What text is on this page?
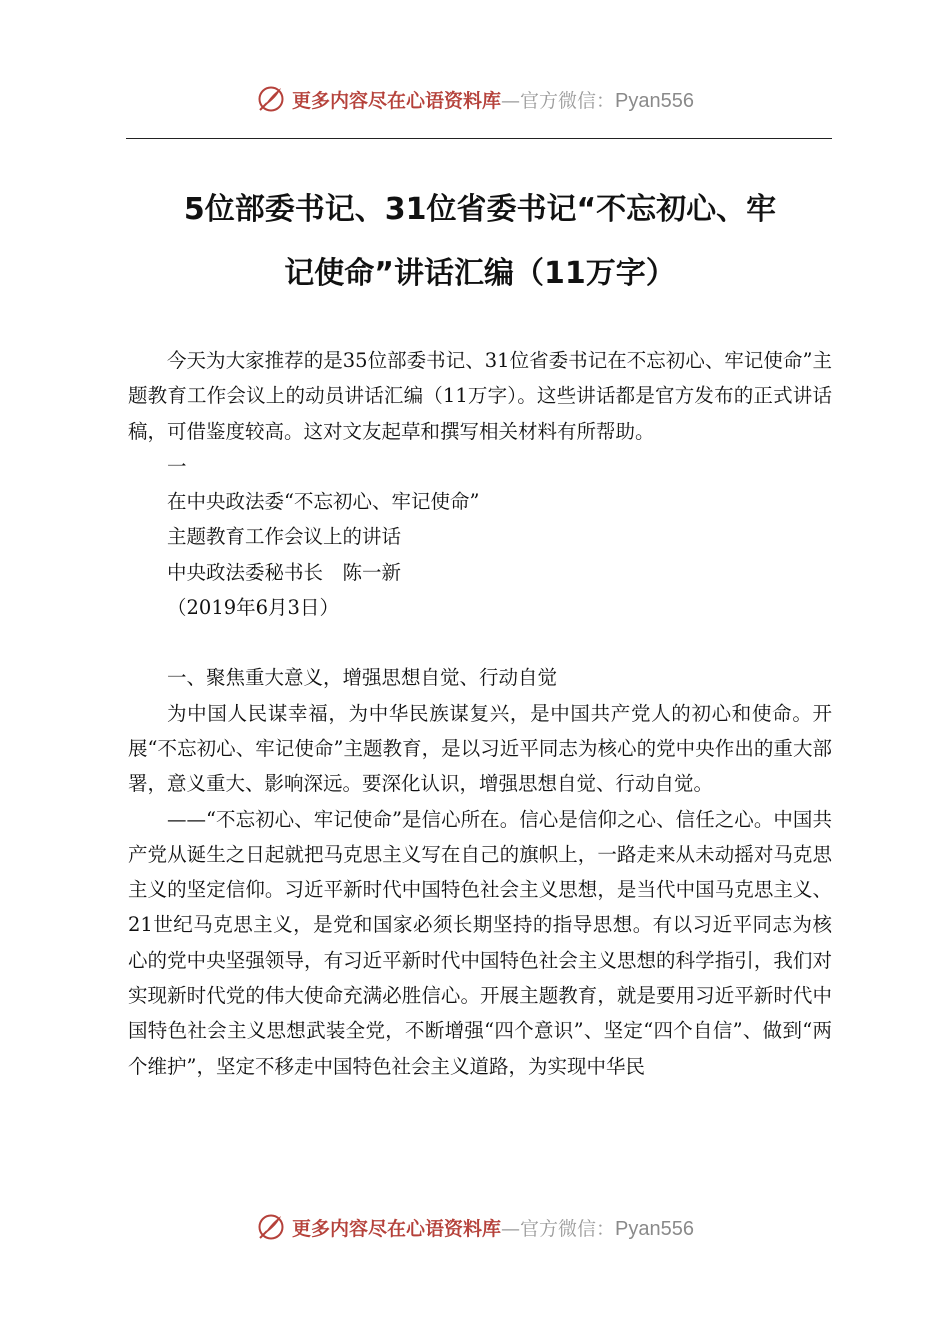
更多内容尽在心语资料库—官方微信：Pyan556
5位部委书记、31位省委书记“不忘初心、牢
记使命”讲话汇编（11万字）

今天为大家推荐的是35位部委书记、31位省委书记在不忘初心、牢记使命”主题教育工作会议上的动员讲话汇编（11万字）。这些讲话都是官方发布的正式讲话稿，可借鉴度较高。这对文友起草和撰写相关材料有所帮助。

一

在中央政法委“不忘初心、牢记使命”

主题教育工作会议上的讲话

中央政法委秘书长　陈一新

（2019年6月3日）

一、聚焦重大意义，增强思想自觉、行动自觉

为中国人民谋幸福，为中华民族谋复兴，是中国共产党人的初心和使命。开展“不忘初心、牢记使命”主题教育，是以习近平同志为核心的党中央作出的重大部署，意义重大、影响深远。要深化认识，增强思想自觉、行动自觉。

——“不忘初心、牢记使命”是信心所在。信心是信仰之心、信任之心。中国共产党从诞生之日起就把马克思主义写在自己的旗帜上，一路走来从未动摇对马克思主义的坚定信仰。习近平新时代中国特色社会主义思想，是当代中国马克思主义、21世纪马克思主义，是党和国家必须长期坚持的指导思想。有以习近平同志为核心的党中央坚强领导，有习近平新时代中国特色社会主义思想的科学指引，我们对实现新时代党的伟大使命充满必胜信心。开展主题教育，就是要用习近平新时代中国特色社会主义思想武装全党，不断增强“四个意识”、坚定“四个自信”、做到“两个维护”，坚定不移走中国特色社会主义道路，为实现中华民

更多内容尽在心语资料库—官方微信：Pyan556
